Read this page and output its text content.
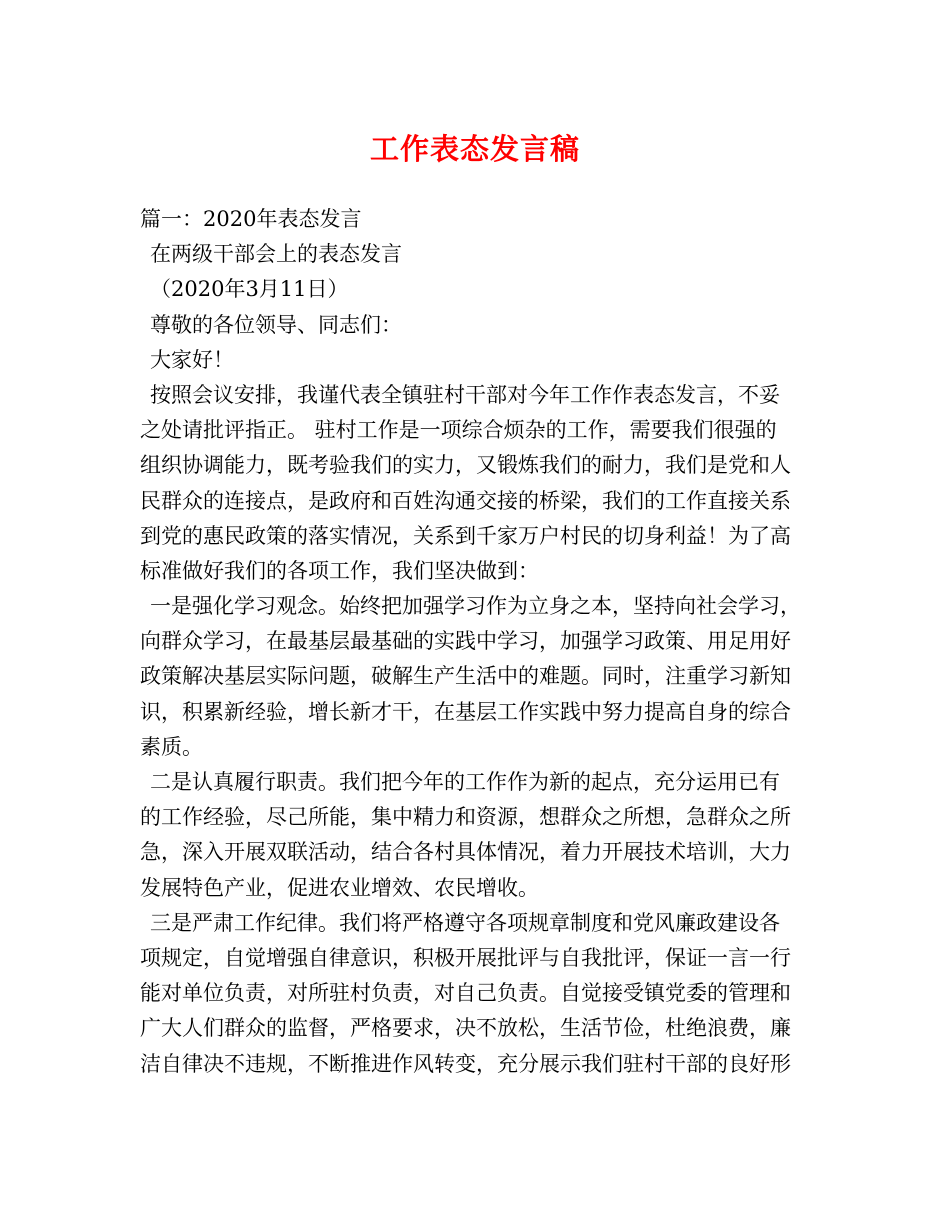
工作表态发言稿
篇一：2020年表态发言
在两级干部会上的表态发言
（2020年3月11日）
尊敬的各位领导、同志们：
大家好！
按照会议安排，我谨代表全镇驻村干部对今年工作作表态发言，不妥
之处请批评指正。 驻村工作是一项综合烦杂的工作，需要我们很强的
组织协调能力，既考验我们的实力，又锻炼我们的耐力，我们是党和人
民群众的连接点，是政府和百姓沟通交接的桥梁，我们的工作直接关系
到党的惠民政策的落实情况，关系到千家万户村民的切身利益！为了高
标准做好我们的各项工作，我们坚决做到：
一是强化学习观念。始终把加强学习作为立身之本，坚持向社会学习，
向群众学习，在最基层最基础的实践中学习，加强学习政策、用足用好
政策解决基层实际问题，破解生产生活中的难题。同时，注重学习新知
识，积累新经验，增长新才干，在基层工作实践中努力提高自身的综合
素质。
二是认真履行职责。我们把今年的工作作为新的起点，充分运用已有
的工作经验，尽己所能，集中精力和资源，想群众之所想，急群众之所
急，深入开展双联活动，结合各村具体情况，着力开展技术培训，大力
发展特色产业，促进农业增效、农民增收。
三是严肃工作纪律。我们将严格遵守各项规章制度和党风廉政建设各
项规定，自觉增强自律意识，积极开展批评与自我批评，保证一言一行
能对单位负责，对所驻村负责，对自己负责。自觉接受镇党委的管理和
广大人们群众的监督，严格要求，决不放松，生活节俭，杜绝浪费，廉
洁自律决不违规，不断推进作风转变，充分展示我们驻村干部的良好形
